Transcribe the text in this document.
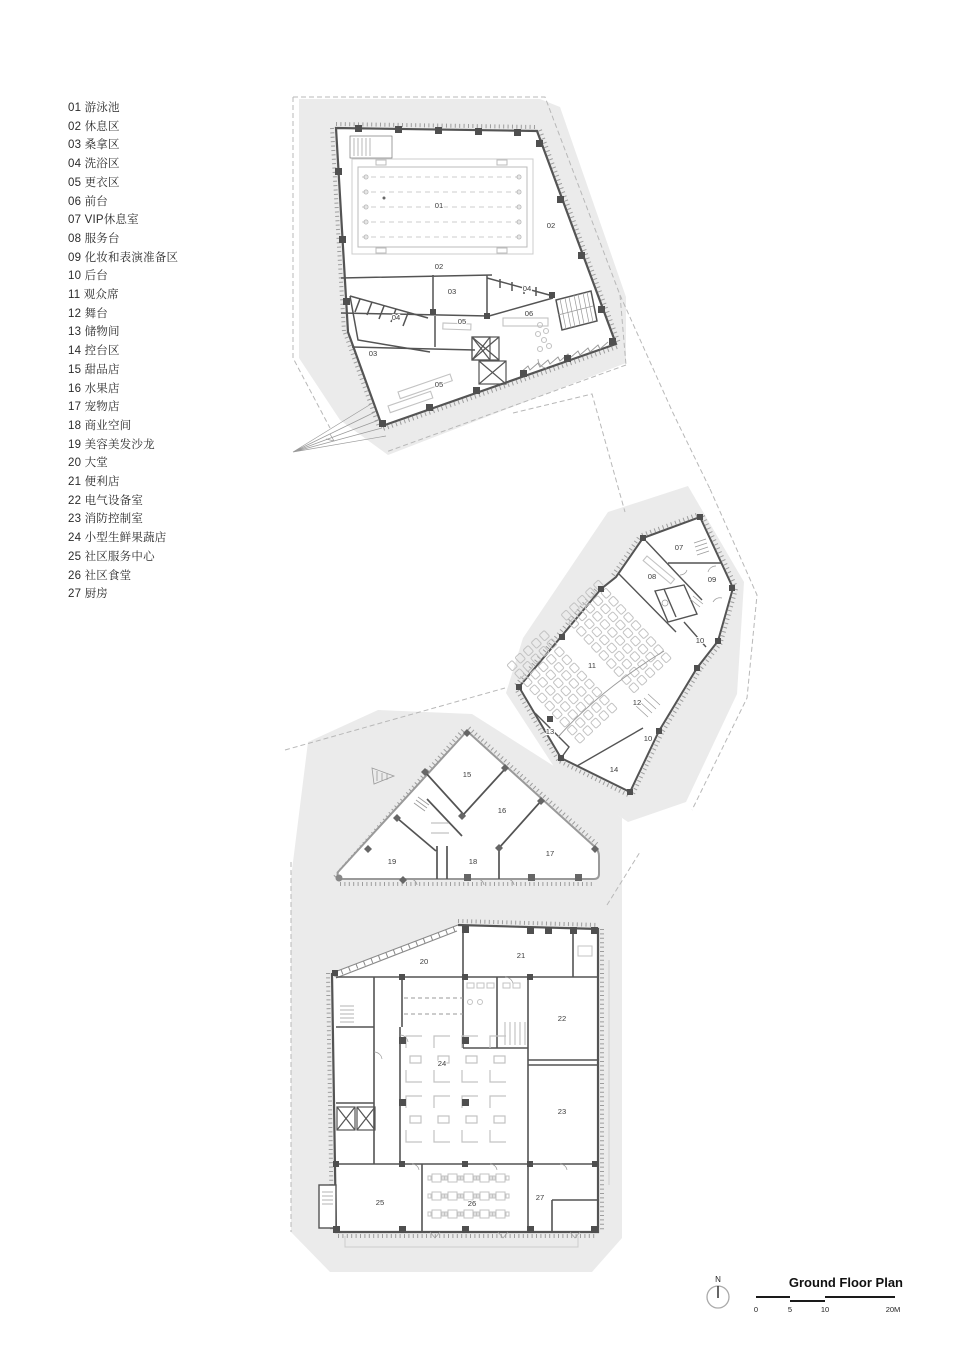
01
02
02
03	04
05
06
04
03
05
07
08	09
10
11
12
13
10
14
15
16
17
18
19
20
21
22
23
24
25	26
27
N	Ground Floor Plan
0	5	10	20M
01 游泳池
02 休息区
03 桑拿区
04 洗浴区
05 更衣区
06 前台
07 VIP休息室
08 服务台
09 化妆和表演准备区
10 后台
11 观众席
12 舞台
13 储物间
14 控台区
15 甜品店
16 水果店
17 宠物店
18 商业空间
19 美容美发沙龙
20 大堂
21 便利店
22 电气设备室
23 消防控制室
24 小型生鲜果蔬店
25 社区服务中心
26 社区食堂
27 厨房
